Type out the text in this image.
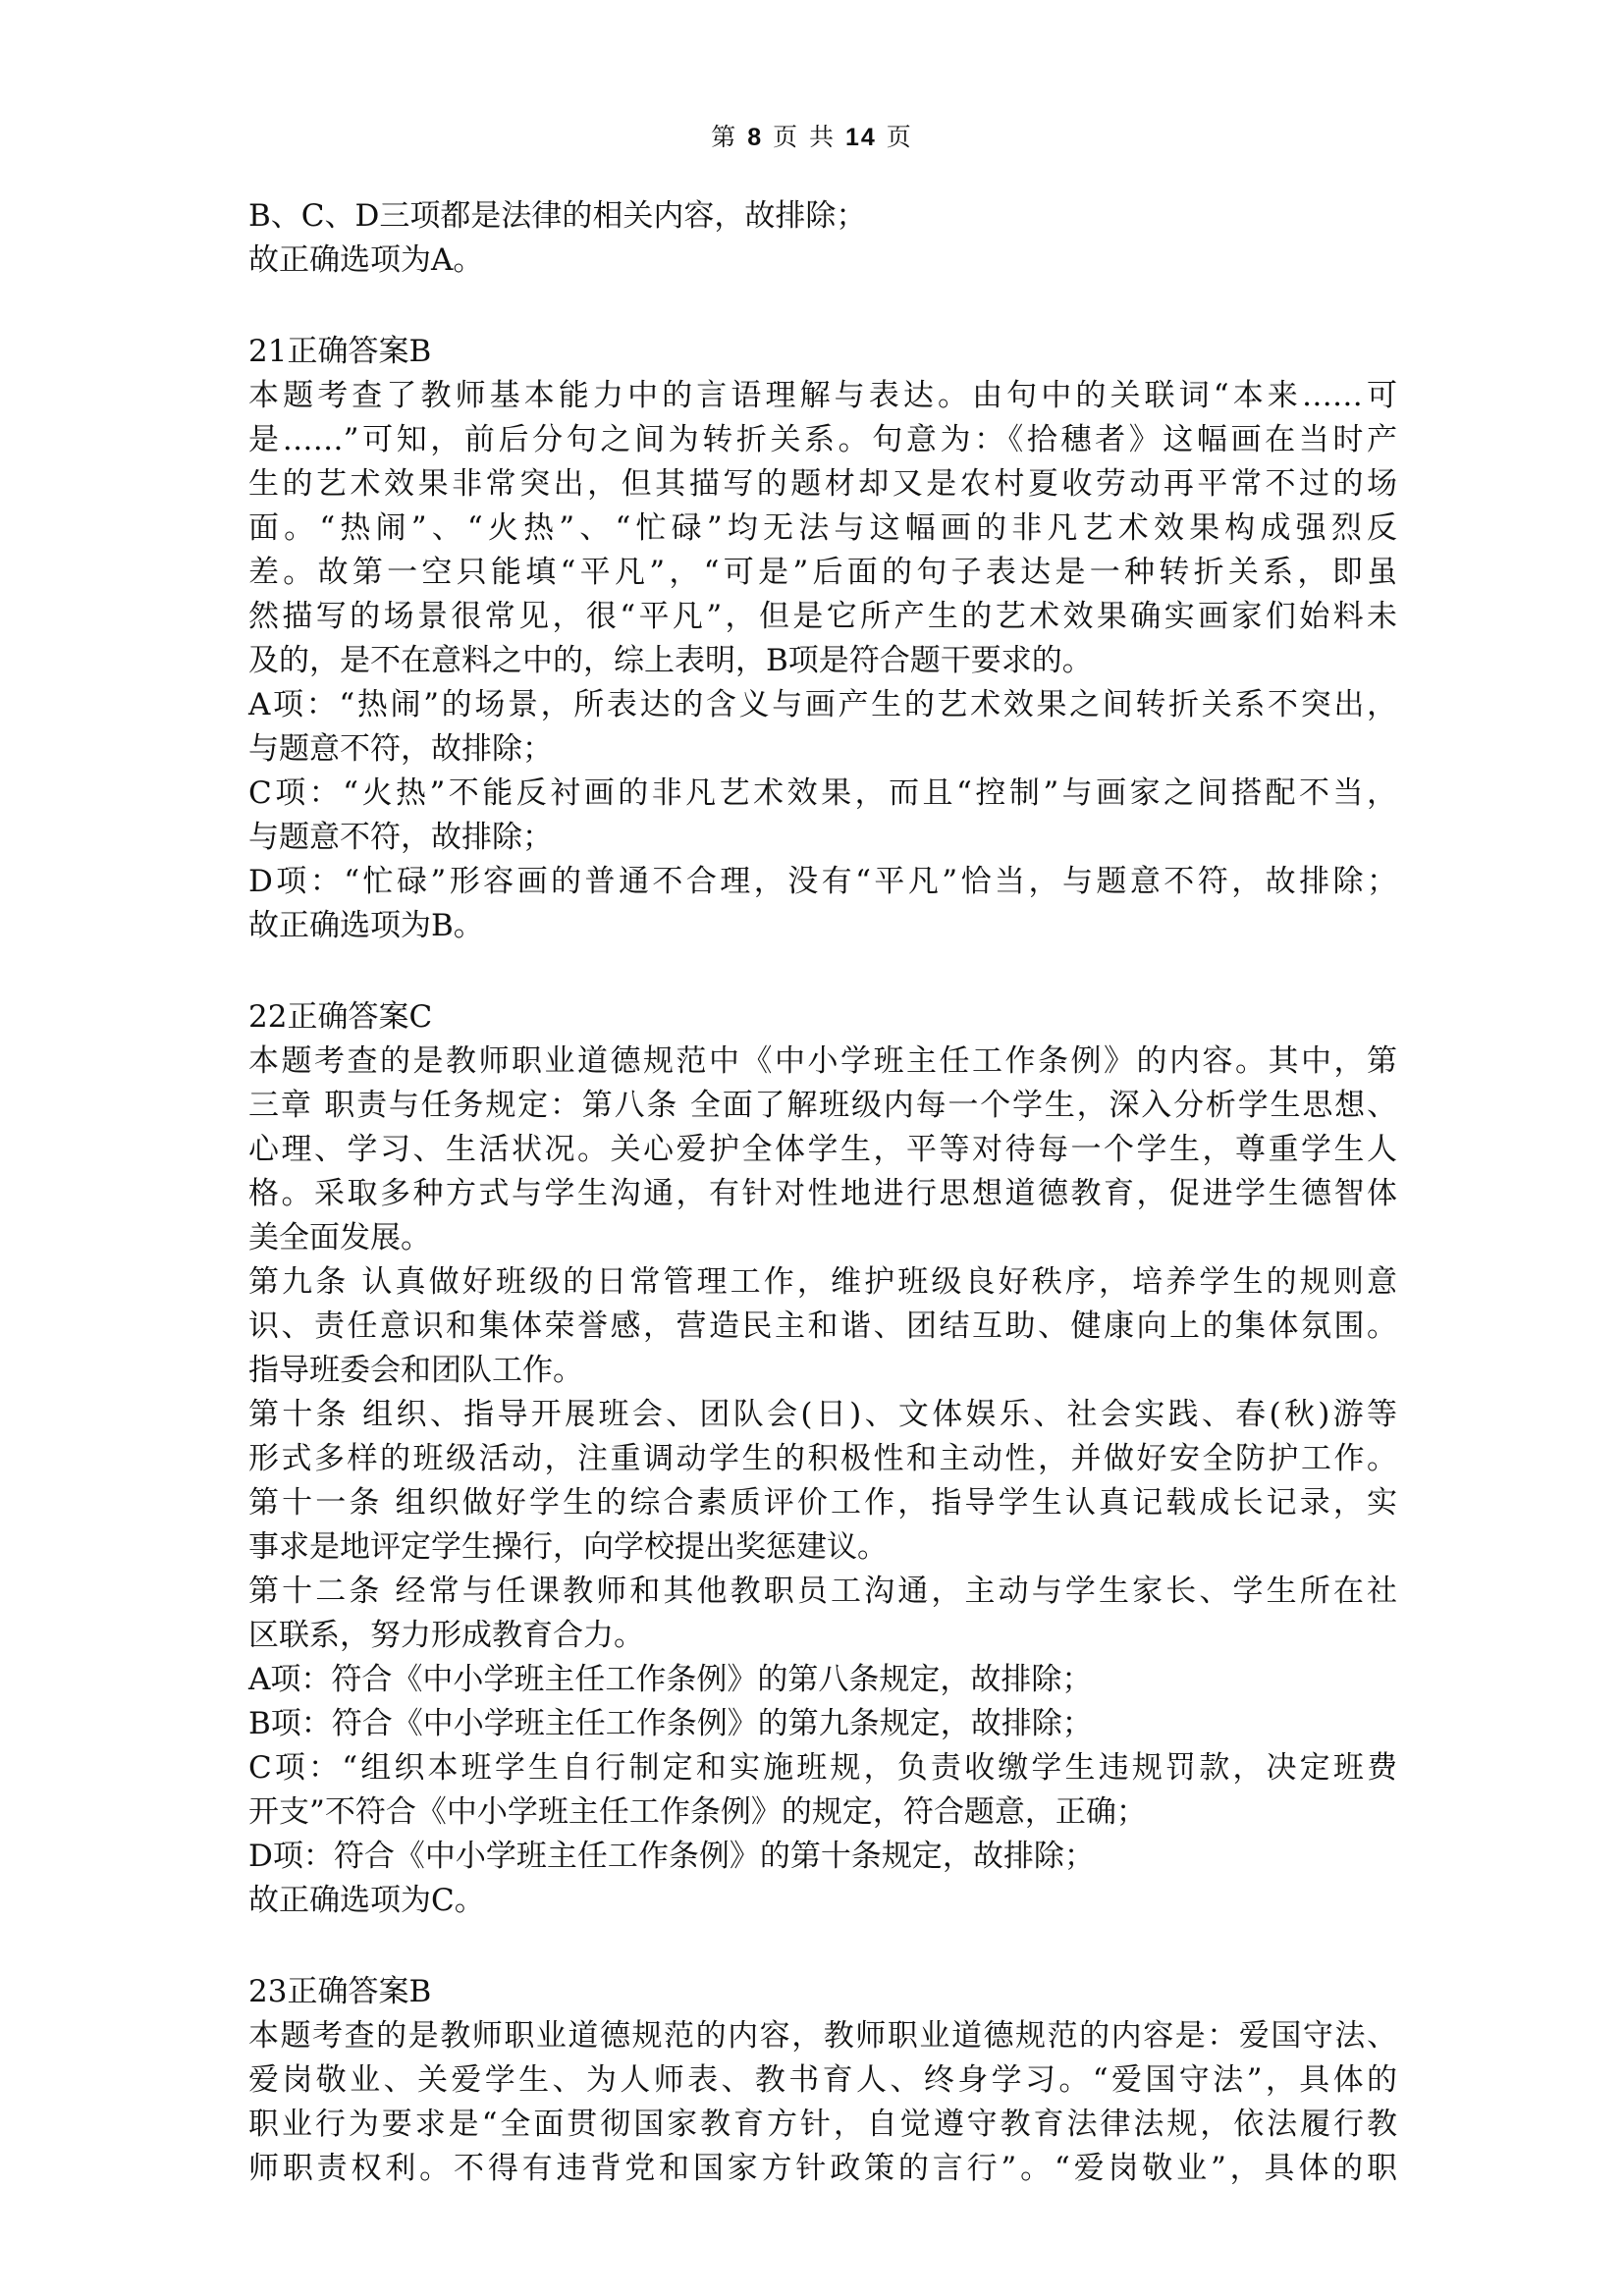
第 8 页 共 14 页

B、C、D三项都是法律的相关内容，故排除；

故正确选项为A。

21正确答案B

本题考查了教师基本能力中的言语理解与表达。由句中的关联词“本来……可

是……”可知，前后分句之间为转折关系。句意为：《拾穗者》这幅画在当时产

生的艺术效果非常突出，但其描写的题材却又是农村夏收劳动再平常不过的场

面。“热闹”、“火热”、“忙碌”均无法与这幅画的非凡艺术效果构成强烈反

差。故第一空只能填“平凡”，“可是”后面的句子表达是一种转折关系，即虽

然描写的场景很常见，很“平凡”，但是它所产生的艺术效果确实画家们始料未

及的，是不在意料之中的，综上表明，B项是符合题干要求的。

A项：“热闹”的场景，所表达的含义与画产生的艺术效果之间转折关系不突出，

与题意不符，故排除；

C项：“火热”不能反衬画的非凡艺术效果，而且“控制”与画家之间搭配不当，

与题意不符，故排除；

D项：“忙碌”形容画的普通不合理，没有“平凡”恰当，与题意不符，故排除；

故正确选项为B。

22正确答案C

本题考查的是教师职业道德规范中《中小学班主任工作条例》的内容。其中，第

三章 职责与任务规定：第八条 全面了解班级内每一个学生，深入分析学生思想、

心理、学习、生活状况。关心爱护全体学生，平等对待每一个学生，尊重学生人

格。采取多种方式与学生沟通，有针对性地进行思想道德教育，促进学生德智体

美全面发展。

第九条 认真做好班级的日常管理工作，维护班级良好秩序，培养学生的规则意

识、责任意识和集体荣誉感，营造民主和谐、团结互助、健康向上的集体氛围。

指导班委会和团队工作。

第十条 组织、指导开展班会、团队会(日)、文体娱乐、社会实践、春(秋)游等

形式多样的班级活动，注重调动学生的积极性和主动性，并做好安全防护工作。

第十一条 组织做好学生的综合素质评价工作，指导学生认真记载成长记录，实

事求是地评定学生操行，向学校提出奖惩建议。

第十二条 经常与任课教师和其他教职员工沟通，主动与学生家长、学生所在社

区联系，努力形成教育合力。

A项：符合《中小学班主任工作条例》的第八条规定，故排除；

B项：符合《中小学班主任工作条例》的第九条规定，故排除；

C项：“组织本班学生自行制定和实施班规，负责收缴学生违规罚款，决定班费

开支”不符合《中小学班主任工作条例》的规定，符合题意，正确；

D项：符合《中小学班主任工作条例》的第十条规定，故排除；

故正确选项为C。

23正确答案B

本题考查的是教师职业道德规范的内容，教师职业道德规范的内容是：爱国守法、

爱岗敬业、关爱学生、为人师表、教书育人、终身学习。“爱国守法”，具体的

职业行为要求是“全面贯彻国家教育方针，自觉遵守教育法律法规，依法履行教

师职责权利。不得有违背党和国家方针政策的言行”。“爱岗敬业”，具体的职
